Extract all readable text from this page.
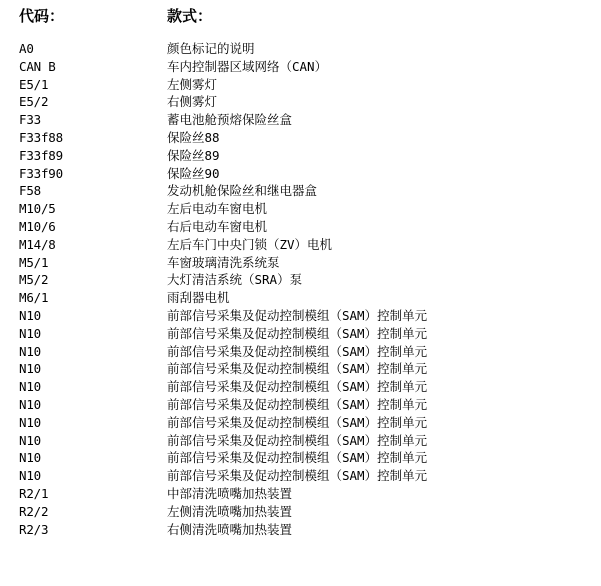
代码：	款式：
A0	颜色标记的说明
CAN B	车内控制器区域网络（CAN）
E5/1	左侧雾灯
E5/2	右侧雾灯
F33	蓄电池舱预熔保险丝盒
F33f88	保险丝88
F33f89	保险丝89
F33f90	保险丝90
F58	发动机舱保险丝和继电器盒
M10/5	左后电动车窗电机
M10/6	右后电动车窗电机
M14/8	左后车门中央门锁（ZV）电机
M5/1	车窗玻璃清洗系统泵
M5/2	大灯清洁系统（SRA）泵
M6/1	雨刮器电机
N10	前部信号采集及促动控制模组（SAM）控制单元
N10	前部信号采集及促动控制模组（SAM）控制单元
N10	前部信号采集及促动控制模组（SAM）控制单元
N10	前部信号采集及促动控制模组（SAM）控制单元
N10	前部信号采集及促动控制模组（SAM）控制单元
N10	前部信号采集及促动控制模组（SAM）控制单元
N10	前部信号采集及促动控制模组（SAM）控制单元
N10	前部信号采集及促动控制模组（SAM）控制单元
N10	前部信号采集及促动控制模组（SAM）控制单元
N10	前部信号采集及促动控制模组（SAM）控制单元
R2/1	中部清洗喷嘴加热装置
R2/2	左侧清洗喷嘴加热装置
R2/3	右侧清洗喷嘴加热装置
